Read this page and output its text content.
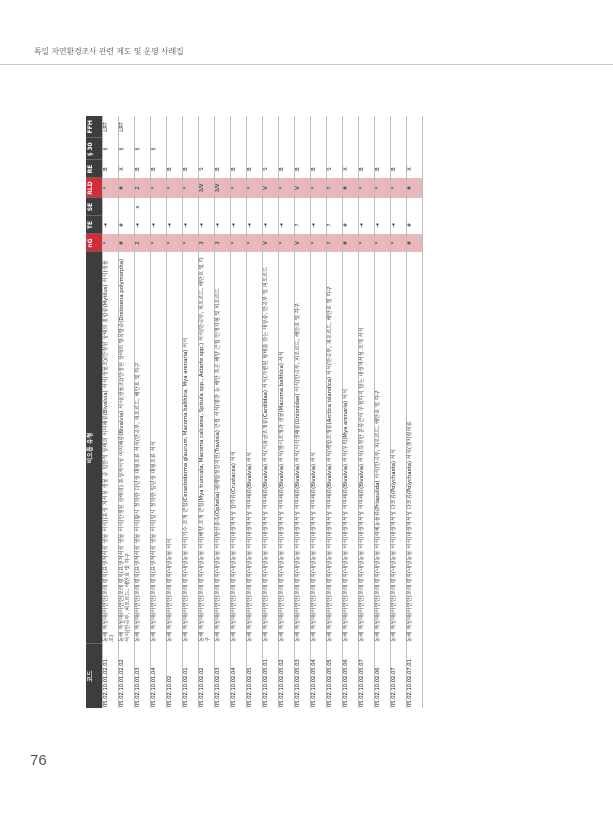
독일 자연환경조사 관련 제도 및 운영 사례집
76
코드	비오톱 유형	nG	TE	SE	RLD	RE	§ 30	FFH
05.02.10.01.02.01	동해 저성대(아연안)모래 평지(표생저서성 생물 서식)(표생 저서성 생물 중 일반적 상태의 이미패류(Bivalvia) 서식(생물조)(안정된 상태의 홍합류(Mytilus) 서식(생물조)	*	➔		*	B	§	LRT
05.02.10.01.02.02	동해 저성대(아연안)모래 평지(표생저서성 생물 서식(안정된 상태의) 표생저서성 이미패류(Bivalvia) 서식(생물조)(안정된 상태의 말목말중(Dreissena polymorpha) 서식(만곡부, 피오르드, 해안호 및 하구	#	#		#	X	§	LRT
05.02.10.01.03	동해 저성대(아연안)모래 평지(표생저서성 생물 서식(활시 정착한 다년생 대형조류 서식(만곡부, 피오르드, 해안호 및 하구	2	➔	x	2	B	§	
05.02.10.01.04	동해 저성대(아연안)모래 평지(표생저서성 생물 서식(일시 정착한 일년생 대형조류 서식	*	➔		*	B	§	
05.02.10.02	동해 저성대(아연안)모래 평지(내생동물 서식	*	➔		*	B		
05.02.10.02.01	동해 저성대(아연안)모래 평지(내생동물 서식(기수 조개 군집(Cerastoderma glaucum, Macoma balthica, Mya arenaria) 서식	*	➔		*	B		
05.02.10.02.02	동해 저성대(아연안)모래 평지(내생동물 서식(해양 조개 군집(Mya truncata, Macoma calcarea, Spisula spp., Astarte spp.) 서식(만곡부, 피오르드, 해안호 및 하구	3	➔		3/V	S		
05.02.10.02.03	동해 저성대(아연안)모래 평지(내생동물 서식(쌍선충속(Ophelia)·펠레암정강지헌(Travisia) 군집 서식(평찬 등 해안 흑은 해양 근접 안개지형 및 피오르드	3	➔		3/V	B		
05.02.10.02.04	동해 저성대(아연안)모래 평지(내생동물 서식(내생저서성 갑각류(Crustacea) 서식	*	➔		*	B		
05.02.10.02.05	동해 저성대(아연안)모래 평지(내생동물 서식(내생저서성 이미패류(Bivalvia) 서식	*	➔		*	B		
05.02.10.02.05.01	동해 저성대(아연안)모래 평지(내생동물 서식(내생저서성 이미패류(Bivalvia) 서식(식용굴조개류(Cardiidae) 서식(가변된 형태를 갖는 대상종, 만곡부 및 피오르드	V	➔		V	S		
05.02.10.02.05.02	동해 저성대(아연안)모래 평지(내생동물 서식(내생저서성 이미패류(Bivalvia) 서식(발시조개과 생물(Macoma balthica) 서식	*	➔		*	B		
05.02.10.02.05.03	동해 저성대(아연안)모래 평지(내생동물 서식(내생저서성 이미패류(Bivalvia) 서식(식석생패류(Unionidae) 서식(만곡부, 피오르드, 해안호 및 하구	V	?		V	B		
05.02.10.02.05.04	동해 저성대(아연안)모래 평지(내생동물 서식(내생저서성 이미패류(Bivalvia) 서식	*	➔		*	B		
05.02.10.02.05.05	동해 저성대(아연안)모래 평지(내생동물 서식(내생저서성 이미패류(Bivalvia) 서식(백합조개류(Arctica islandica) 서식(만곡부, 피오르드, 해안호 및 하구	?	?		?	S		
05.02.10.02.05.06	동해 저성대(아연안)모래 평지(내생동물 서식(내생저서성 이미패류(Bivalvia) 서식(우럭(Mya arenaria) 서식	#	#		#	X		
05.02.10.02.05.07	동해 저성대(아연안)모래 평지(내생동물 서식(내생저서성 이미패류(Bivalvia) 서식(특정한 분류군이 우점하지 않는 내생저서성 조개 서식	*	➔		*	B		
05.02.10.02.06	동해 저성대(아연안)모래 평지(내생동물 서식(새예동물류(Priapulida) 서식(만곡부, 피오르드, 해안호 및 하구	*	➔		*	B		
05.02.10.02.07	동해 저성대(아연안)모래 평지(내생동물 서식(내생저서성 다모류(Polychaeta) 서식	*	➔		*	B		
05.02.10.02.07.01	동해 저성대(아연안)모래 평지(내생동물 서식(내생저서성 다모류(Polychaeta) 서식(갯지렁이류	#	#		#	X		
